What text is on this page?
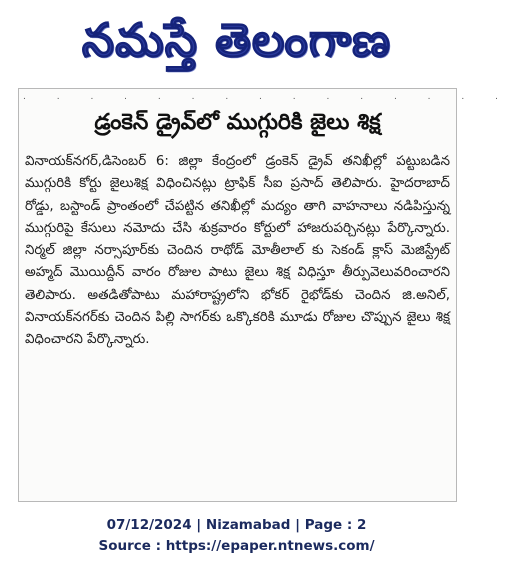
నమస్తే తెలంగాణ
. . . . . . . . . . . . . . .
డ్రంకెన్ డ్రైవ్‌లో ముగ్గురికి జైలు శిక్ష
వినాయక్‌నగర్,డిసెంబర్ 6: జిల్లా కేంద్రంలో డ్రంకెన్ డ్రైవ్ తనిఖీల్లో పట్టుబడిన ముగ్గురికి కోర్టు జైలుశిక్ష విధించినట్లు ట్రాఫిక్ సీఐ ప్రసాద్ తెలిపారు. హైదరాబాద్ రోడ్డు, బస్టాండ్ ప్రాంతంలో చేపట్టిన తనిఖీల్లో మద్యం తాగి వాహనాలు నడిపిస్తున్న ముగ్గురిపై కేసులు నమోదు చేసి శుక్రవారం కోర్టులో హాజరుపర్చినట్లు పేర్కొన్నారు. నిర్మల్ జిల్లా నర్సాపూర్‌కు చెందిన రాథోడ్ మోతీలాల్ కు సెకండ్ క్లాస్ మెజిస్ట్రేట్ అహ్మద్ మొయిద్దీన్ వారం రోజుల పాటు జైలు శిక్ష విధిస్తూ తీర్పువెలువరించారని తెలిపారు. అతడితోపాటు మహారాష్ట్రలోని భోకర్ రైభోడ్‌కు చెందిన జి.అనిల్, వినాయక్‌నగర్‌కు చెందిన పిల్లి సాగర్‌కు ఒక్కొకరికి మూడు రోజుల చొప్పున జైలు శిక్ష విధించారని పేర్కొన్నారు.
07/12/2024 | Nizamabad | Page : 2
Source : https://epaper.ntnews.com/
